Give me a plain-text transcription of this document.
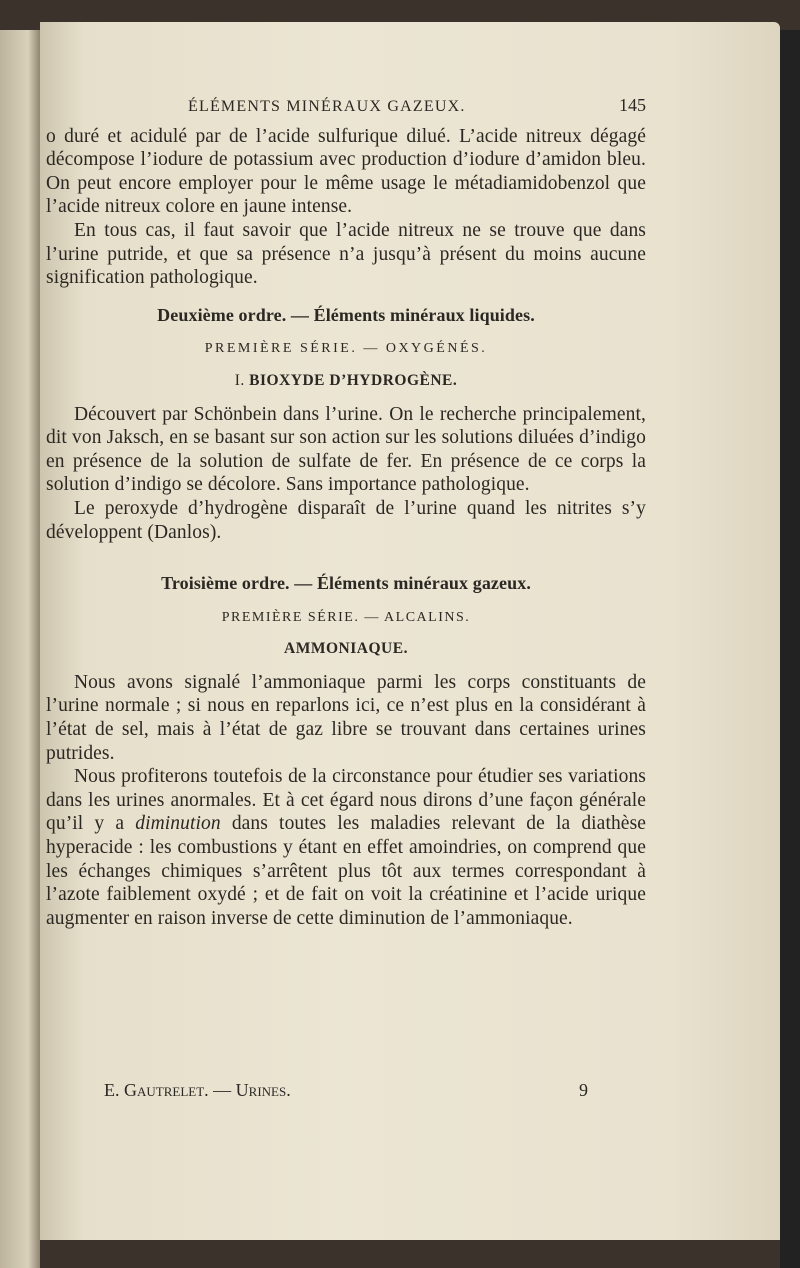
ÉLÉMENTS MINÉRAUX GAZEUX.	145

o duré et acidulé par de l’acide sulfurique dilué. L’acide nitreux dégagé décompose l’iodure de potassium avec production d’iodure d’amidon bleu. On peut encore employer pour le même usage le métadiamidobenzol que l’acide nitreux colore en jaune intense.

En tous cas, il faut savoir que l’acide nitreux ne se trouve que dans l’urine putride, et que sa présence n’a jusqu’à présent du moins aucune signification pathologique.

Deuxième ordre. — Éléments minéraux liquides.
PREMIÈRE SÉRIE. — OXYGÉNÉS.
I. BIOXYDE D’HYDROGÈNE.

Découvert par Schönbein dans l’urine. On le recherche principalement, dit von Jaksch, en se basant sur son action sur les solutions diluées d’indigo en présence de la solution de sulfate de fer. En présence de ce corps la solution d’indigo se décolore. Sans importance pathologique.

Le peroxyde d’hydrogène disparaît de l’urine quand les nitrites s’y développent (Danlos).

Troisième ordre. — Éléments minéraux gazeux.
PREMIÈRE SÉRIE. — ALCALINS.
AMMONIAQUE.

Nous avons signalé l’ammoniaque parmi les corps constituants de l’urine normale ; si nous en reparlons ici, ce n’est plus en la considérant à l’état de sel, mais à l’état de gaz libre se trouvant dans certaines urines putrides.

Nous profiterons toutefois de la circonstance pour étudier ses variations dans les urines anormales. Et à cet égard nous dirons d’une façon générale qu’il y a diminution dans toutes les maladies relevant de la diathèse hyperacide : les combustions y étant en effet amoindries, on comprend que les échanges chimiques s’arrêtent plus tôt aux termes correspondant à l’azote faiblement oxydé ; et de fait on voit la créatinine et l’acide urique augmenter en raison inverse de cette diminution de l’ammoniaque.

E. Gautrelet. — Urines.	9
